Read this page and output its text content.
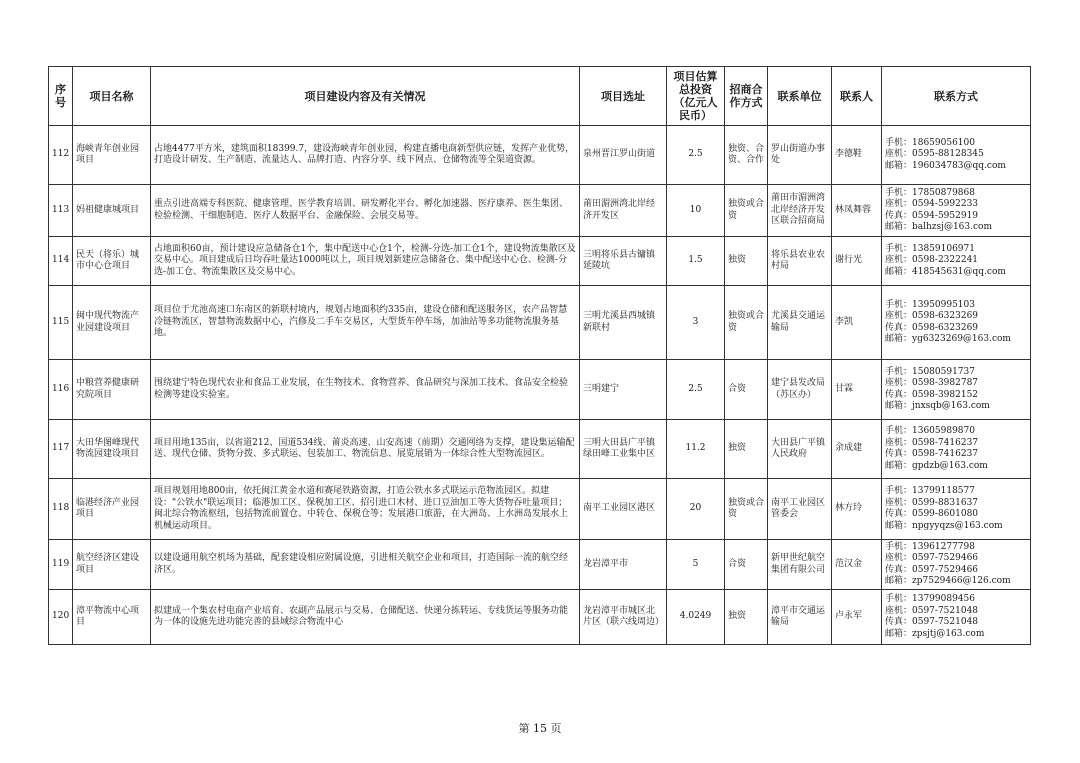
序号	项目名称	项目建设内容及有关情况	项目选址	项目估算总投资（亿元人民币）	招商合作方式	联系单位	联系人	联系方式
112	海峡青年创业园项目	占地4477平方米，建筑面积18399.7，建设海峡青年创业园，构建直播电商新型供应链，发挥产业优势，打造设计研发、生产制造、流量达人、品牌打造、内容分享、线下网点、仓储物流等全渠道资源。	泉州晋江罗山街道	2.5	独资、合资、合作	罗山街道办事处	李德鞋	手机：18659056100
座机：0595-88128345
邮箱：196034783@qq.com

113	妈祖健康城项目	重点引进高端专科医院、健康管理、医学教育培训、研发孵化平台、孵化加速器、医疗康养、医生集团、检验检测、干细胞制造、医疗人数据平台、金融保险、会展交易等。	莆田湄洲湾北岸经济开发区	10	独资或合资	莆田市湄洲湾北岸经济开发区联合招商局	林凤舞蓉	手机：17850879868
座机：0594-5992233
传真：0594-5952919
邮箱：balhzsj@163.com

114	民天（将乐）城市中心仓项目	占地面积60亩，预计建设应急储备仓1个，集中配送中心仓1个，检测-分选-加工仓1个，建设物流集散区及交易中心。项目建成后日均吞吐量达1000吨以上，项目规划新建应急储备仓、集中配送中心仓、检测-分选-加工仓、物流集散区及交易中心。	三明将乐县古镛镇延陵坑	1.5	独资	将乐县农业农村局	谢行光	手机：13859106971
座机：0598-2322241
邮箱：418545631@qq.com

115	闽中现代物流产业园建设项目	项目位于尤池高速口东南区的新联村境内，规划占地面积约335亩，建设仓储和配送服务区，农产品智慧冷链物流区，智慧物流数据中心，汽修及二手车交易区，大型货车停车场，加油站等多功能物流服务基地。	三明尤溪县西城镇新联村	3	独资或合资	尤溪县交通运输局	李凯	手机：13950995103
座机：0598-6323269
传真：0598-6323269
邮箱：yg6323269@163.com

116	中粮营养健康研究院项目	围绕建宁特色现代农业和食品工业发展，在生物技术、食物营养、食品研究与深加工技术、食品安全检验检测等建设实验室。	三明建宁	2.5	合资	建宁县发改局（苏区办）	甘霖	手机：15080591737
座机：0598-3982787
传真：0598-3982152
邮箱：jnxsqb@163.com

117	大田华图峰现代物流园建设项目	项目用地135亩，以省道212、国道534线、莆炎高速、山安高速（前期）交通网络为支撑，建设集运输配送、现代仓储、货物分拨、多式联运、包装加工、物流信息、展览展销为一体综合性大型物流园区。	三明大田县广平镇绿田峰工业集中区	11.2	独资	大田县广平镇人民政府	余成建	手机：13605989870
座机：0598-7416237
传真：0598-7416237
邮箱：gpdzb@163.com

118	临港经济产业园项目	项目规划用地800亩，依托闽江黄金水道和赛尾铁路资源，打造公铁水多式联运示范物流园区。拟建设："公铁水"联运项目；临港加工区、保税加工区、招引进口木材、进口豆油加工等大货物吞吐量项目；闽北综合物流枢纽，包括物流前置仓、中转仓、保税仓等；发展港口旅游，在大洲岛、上水洲岛发展水上机械运动项目。	南平工业园区港区	20	独资或合资	南平工业园区管委会	林方玲	手机：13799118577
座机：0599-8831637
传真：0599-8601080
邮箱：npgyyqzs@163.com

119	航空经济区建设项目	以建设通用航空机场为基础，配套建设相应附属设施，引进相关航空企业和项目，打造国际一流的航空经济区。	龙岩漳平市	5	合资	新甲世纪航空集团有限公司	范汉金	手机：13961277798
座机：0597-7529466
传真：0597-7529466
邮箱：zp7529466@126.com

120	漳平物流中心项目	拟建成一个集农村电商产业培育、农副产品展示与交易、仓储配送、快递分拣转运、专线货运等服务功能为一体的设施先进功能完善的县域综合物流中心	龙岩漳平市城区北片区（联六线周边）	4.0249	独资	漳平市交通运输局	卢永军	手机：13799089456
座机：0597-7521048
传真：0597-7521048
邮箱：zpsjtj@163.com
第 15 页
